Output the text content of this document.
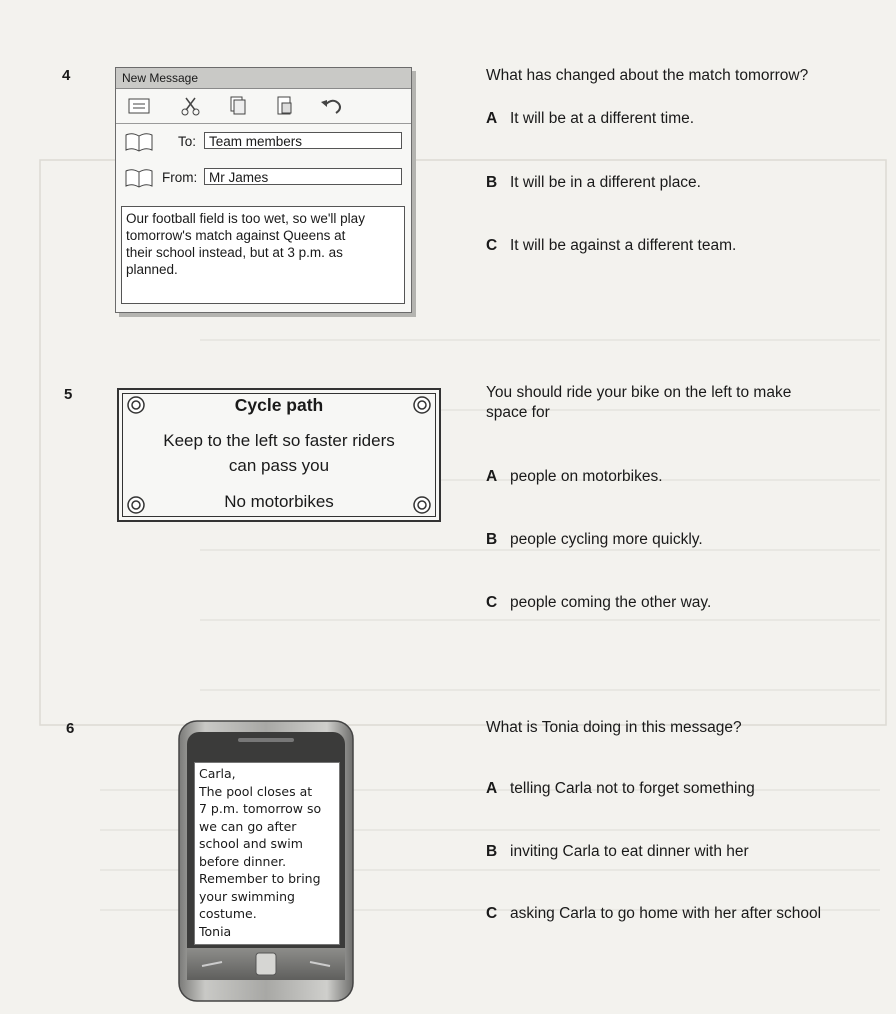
4	New Message
To: Team members
From: Mr James
Our football field is too wet, so we'll play
tomorrow's match against Queens at
their school instead, but at 3 p.m. as
planned.
What has changed about the match tomorrow?
A It will be at a different time.
B It will be in a different place.
C It will be against a different team.
5
Cycle path
Keep to the left so faster riders
can pass you
No motorbikes
You should ride your bike on the left to make
space for
A people on motorbikes.
B people cycling more quickly.
C people coming the other way.
6
Carla,
The pool closes at
7 p.m. tomorrow so
we can go after
school and swim
before dinner.
Remember to bring
your swimming
costume.
Tonia
What is Tonia doing in this message?
A telling Carla not to forget something
B inviting Carla to eat dinner with her
C asking Carla to go home with her after school
